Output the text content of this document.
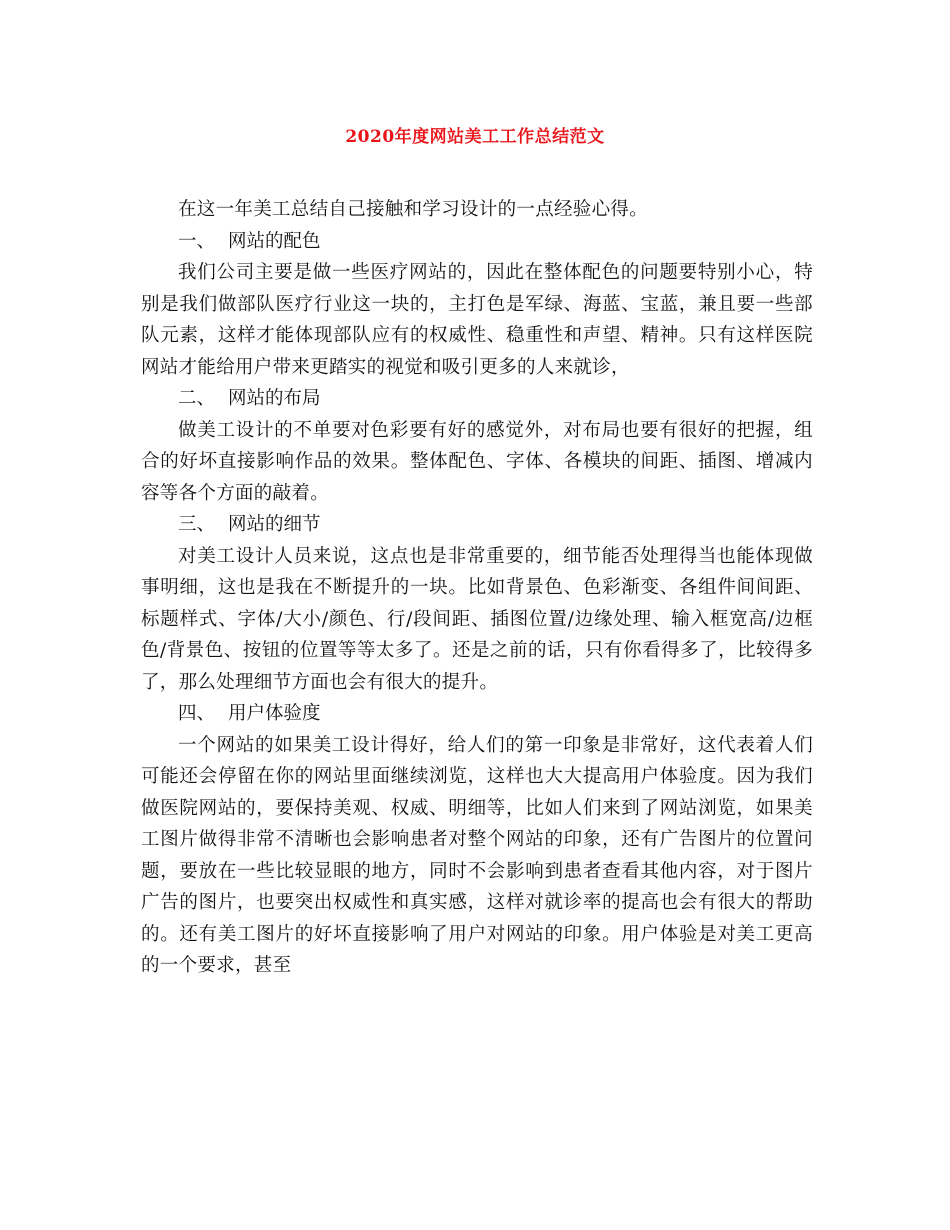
2020年度网站美工工作总结范文

在这一年美工总结自己接触和学习设计的一点经验心得。

一、 网站的配色

我们公司主要是做一些医疗网站的，因此在整体配色的问题要特别小心，特别是我们做部队医疗行业这一块的，主打色是军绿、海蓝、宝蓝，兼且要一些部队元素，这样才能体现部队应有的权威性、稳重性和声望、精神。只有这样医院网站才能给用户带来更踏实的视觉和吸引更多的人来就诊，

二、 网站的布局

做美工设计的不单要对色彩要有好的感觉外，对布局也要有很好的把握，组合的好坏直接影响作品的效果。整体配色、字体、各模块的间距、插图、增减内容等各个方面的敲着。

三、 网站的细节

对美工设计人员来说，这点也是非常重要的，细节能否处理得当也能体现做事明细，这也是我在不断提升的一块。比如背景色、色彩渐变、各组件间间距、标题样式、字体/大小/颜色、行/段间距、插图位置/边缘处理、输入框宽高/边框色/背景色、按钮的位置等等太多了。还是之前的话，只有你看得多了，比较得多了，那么处理细节方面也会有很大的提升。

四、 用户体验度

一个网站的如果美工设计得好，给人们的第一印象是非常好，这代表着人们可能还会停留在你的网站里面继续浏览，这样也大大提高用户体验度。因为我们做医院网站的，要保持美观、权威、明细等，比如人们来到了网站浏览，如果美工图片做得非常不清晰也会影响患者对整个网站的印象，还有广告图片的位置问题，要放在一些比较显眼的地方，同时不会影响到患者查看其他内容，对于图片广告的图片，也要突出权威性和真实感，这样对就诊率的提高也会有很大的帮助的。还有美工图片的好坏直接影响了用户对网站的印象。用户体验是对美工更高的一个要求，甚至
